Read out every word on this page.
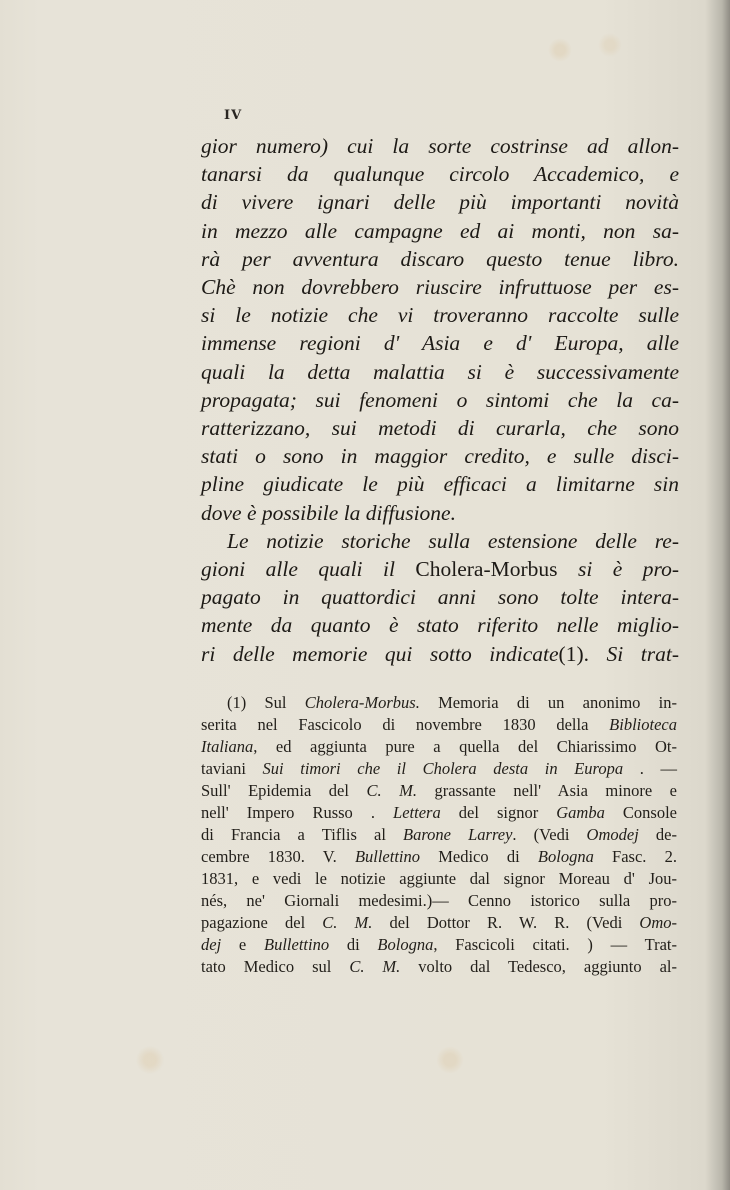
IV
gior numero) cui la sorte costrinse ad allon-
tanarsi da qualunque circolo Accademico, e
di vivere ignari delle più importanti novità
in mezzo alle campagne ed ai monti, non sa-
rà per avventura discaro questo tenue libro.
Chè non dovrebbero riuscire infruttuose per es-
si le notizie che vi troveranno raccolte sulle
immense regioni d' Asia e d' Europa, alle
quali la detta malattia si è successivamente
propagata; sui fenomeni o sintomi che la ca-
ratterizzano, sui metodi di curarla, che sono
stati o sono in maggior credito, e sulle disci-
pline giudicate le più efficaci a limitarne sin
dove è possibile la diffusione.
Le notizie storiche sulla estensione delle re-
gioni alle quali il Cholera-Morbus si è pro-
pagato in quattordici anni sono tolte intera-
mente da quanto è stato riferito nelle miglio-
ri delle memorie qui sotto indicate(1). Si trat-
(1) Sul Cholera-Morbus. Memoria di un anonimo in-
serita nel Fascicolo di novembre 1830 della Biblioteca
Italiana, ed aggiunta pure a quella del Chiarissimo Ot-
taviani Sui timori che il Cholera desta in Europa . —
Sull' Epidemia del C. M. grassante nell' Asia minore e
nell' Impero Russo . Lettera del signor Gamba Console
di Francia a Tiflis al Barone Larrey. (Vedi Omodej de-
cembre 1830. V. Bullettino Medico di Bologna Fasc. 2.
1831, e vedi le notizie aggiunte dal signor Moreau d' Jou-
nés, ne' Giornali medesimi.)— Cenno istorico sulla pro-
pagazione del C. M. del Dottor R. W. R. (Vedi Omo-
dej e Bullettino di Bologna, Fascicoli citati. ) — Trat-
tato Medico sul C. M. volto dal Tedesco, aggiunto al-
